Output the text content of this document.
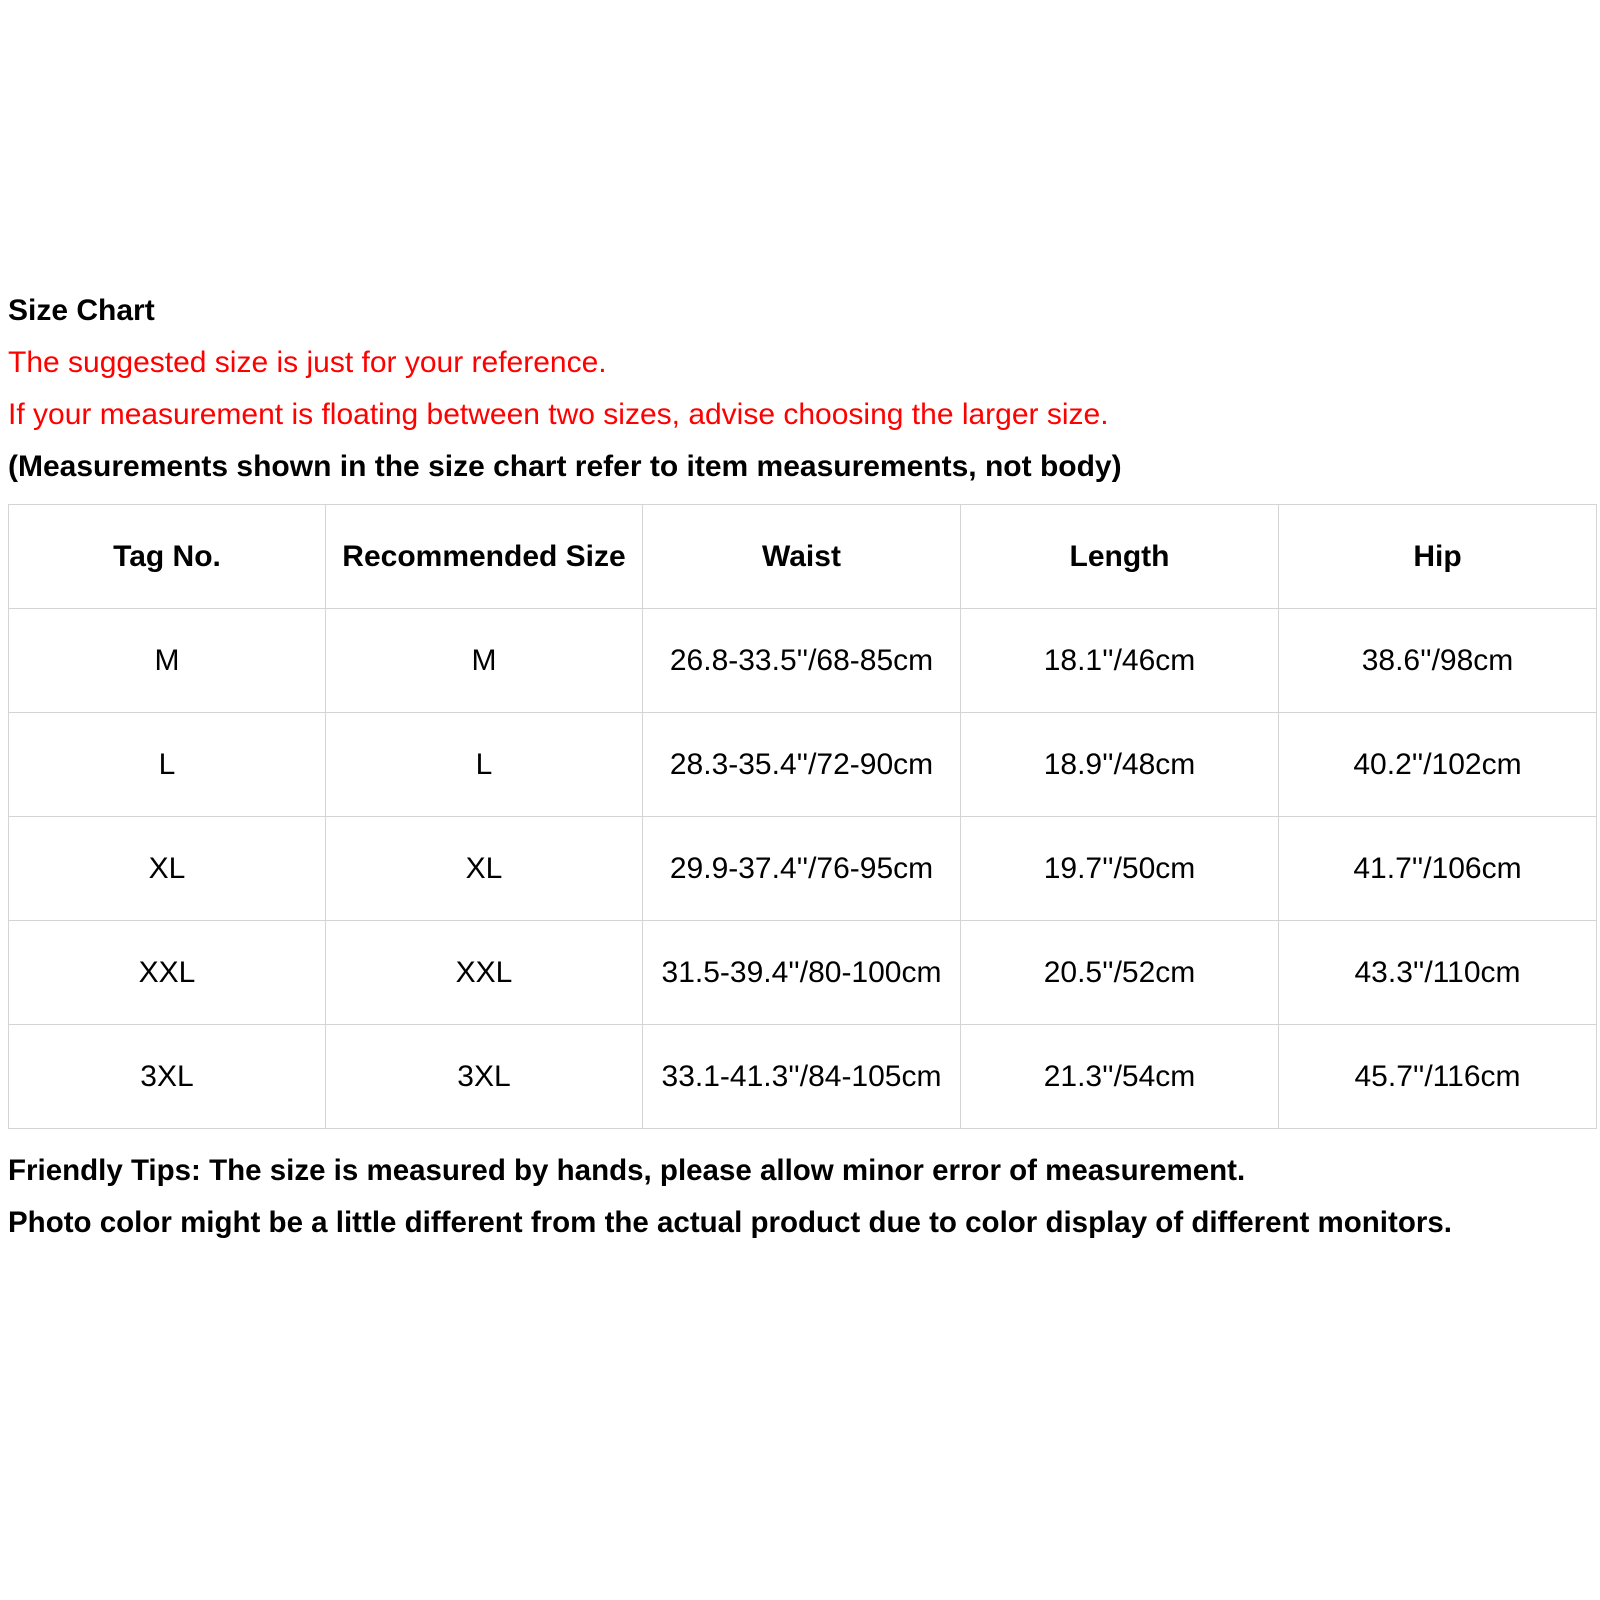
Size Chart
The suggested size is just for your reference.
If your measurement is floating between two sizes, advise choosing the larger size.
(Measurements shown in the size chart refer to item measurements, not body)
Tag No.	Recommended Size	Waist	Length	Hip
M	M	26.8-33.5''/68-85cm	18.1''/46cm	38.6''/98cm
L	L	28.3-35.4''/72-90cm	18.9''/48cm	40.2''/102cm
XL	XL	29.9-37.4''/76-95cm	19.7''/50cm	41.7''/106cm
XXL	XXL	31.5-39.4''/80-100cm	20.5''/52cm	43.3''/110cm
3XL	3XL	33.1-41.3''/84-105cm	21.3''/54cm	45.7''/116cm
Friendly Tips: The size is measured by hands, please allow minor error of measurement.
Photo color might be a little different from the actual product due to color display of different monitors.
